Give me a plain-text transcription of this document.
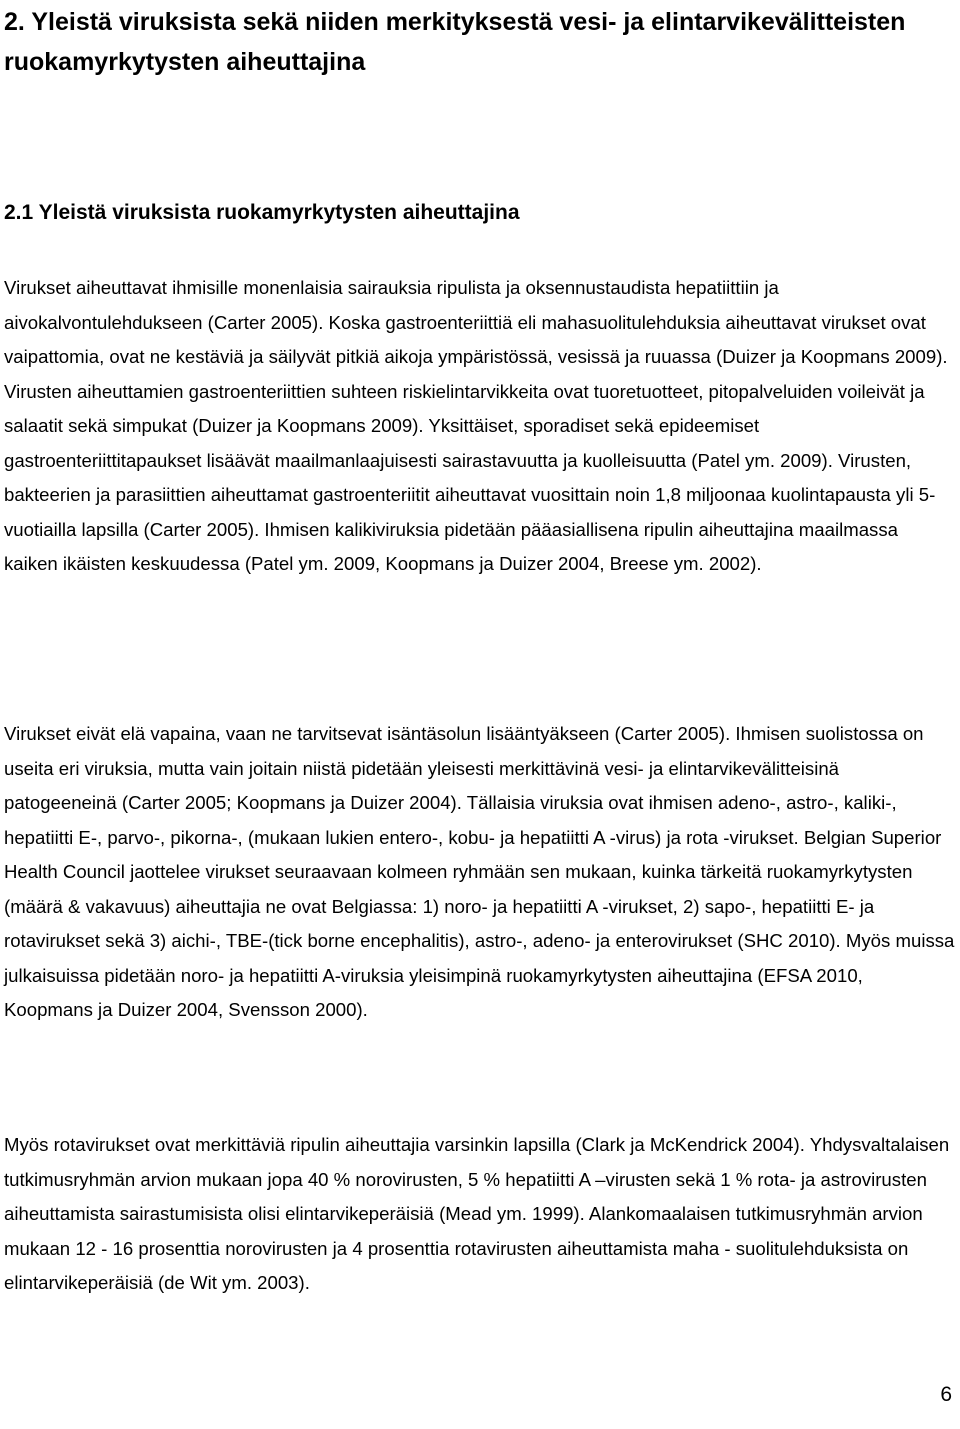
2. Yleistä viruksista sekä niiden merkityksestä vesi- ja elintarvikevälitteisten ruokamyrkytysten aiheuttajina
2.1 Yleistä viruksista ruokamyrkytysten aiheuttajina

Virukset aiheuttavat ihmisille monenlaisia sairauksia ripulista ja oksennustaudista hepatiittiin ja aivokalvontulehdukseen (Carter 2005). Koska gastroenteriittiä eli mahasuolitulehduksia aiheuttavat virukset ovat vaipattomia, ovat ne kestäviä ja säilyvät pitkiä aikoja ympäristössä, vesissä ja ruuassa (Duizer ja Koopmans 2009). Virusten aiheuttamien gastroenteriittien suhteen riskielintarvikkeita ovat tuoretuotteet, pitopalveluiden voileivät ja salaatit sekä simpukat (Duizer ja Koopmans 2009). Yksittäiset, sporadiset sekä epideemiset gastroenteriittitapaukset lisäävät maailmanlaajuisesti sairastavuutta ja kuolleisuutta (Patel ym. 2009). Virusten, bakteerien ja parasiittien aiheuttamat gastroenteriitit aiheuttavat vuosittain noin 1,8 miljoonaa kuolintapausta yli 5-vuotiailla lapsilla (Carter 2005). Ihmisen kalikiviruksia pidetään pääasiallisena ripulin aiheuttajina maailmassa kaiken ikäisten keskuudessa (Patel ym. 2009, Koopmans ja Duizer 2004, Breese ym. 2002).

Virukset eivät elä vapaina, vaan ne tarvitsevat isäntäsolun lisääntyäkseen (Carter 2005). Ihmisen suolistossa on useita eri viruksia, mutta vain joitain niistä pidetään yleisesti merkittävinä vesi- ja elintarvikevälitteisinä patogeeneinä (Carter 2005; Koopmans ja Duizer 2004). Tällaisia viruksia ovat ihmisen adeno-, astro-, kaliki-, hepatiitti E-, parvo-, pikorna-, (mukaan lukien entero-, kobu- ja hepatiitti A -virus) ja rota -virukset. Belgian Superior Health Council jaottelee virukset seuraavaan kolmeen ryhmään sen mukaan, kuinka tärkeitä ruokamyrkytysten (määrä & vakavuus) aiheuttajia ne ovat Belgiassa: 1) noro- ja hepatiitti A -virukset, 2) sapo-, hepatiitti E- ja rotavirukset sekä 3) aichi-, TBE-(tick borne encephalitis), astro-, adeno- ja enterovirukset (SHC 2010). Myös muissa julkaisuissa pidetään noro- ja hepatiitti A-viruksia yleisimpinä ruokamyrkytysten aiheuttajina (EFSA 2010, Koopmans ja Duizer 2004, Svensson 2000).

Myös rotavirukset ovat merkittäviä ripulin aiheuttajia varsinkin lapsilla (Clark ja McKendrick 2004). Yhdysvaltalaisen tutkimusryhmän arvion mukaan jopa 40 % norovirusten, 5 % hepatiitti A –virusten sekä 1 % rota- ja astrovirusten aiheuttamista sairastumisista olisi elintarvikeperäisiä (Mead ym. 1999). Alankomaalaisen tutkimusryhmän arvion mukaan 12 - 16 prosenttia norovirusten ja 4 prosenttia rotavirusten aiheuttamista maha - suolitulehduksista on elintarvikeperäisiä (de Wit ym. 2003).

6
